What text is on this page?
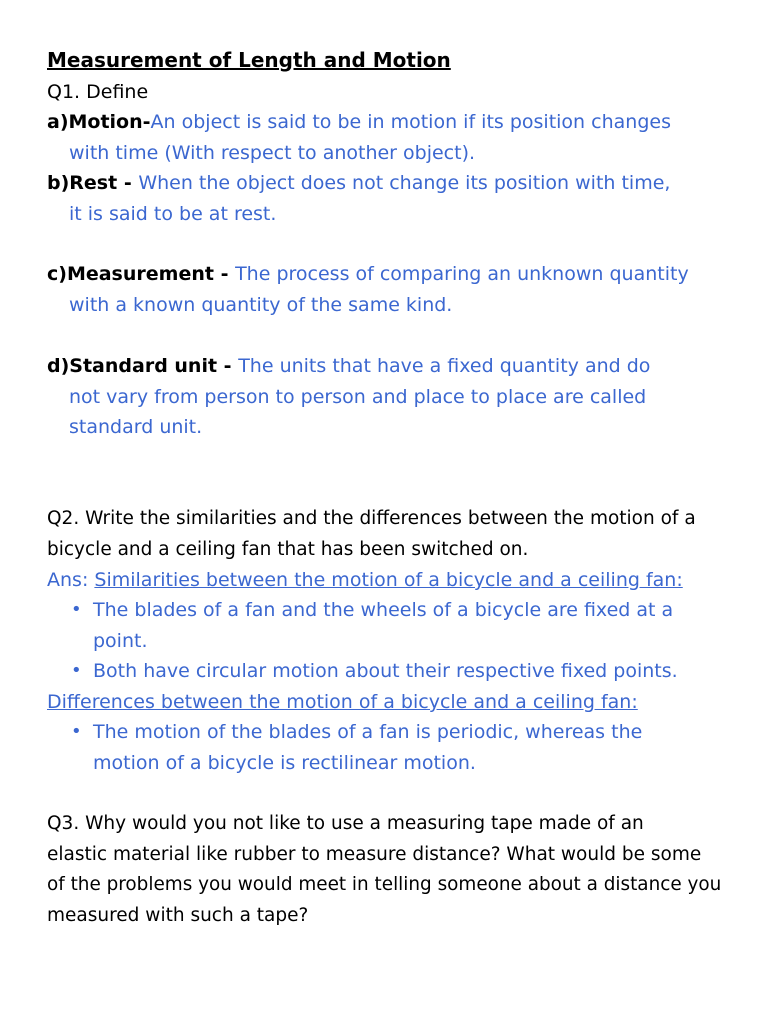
Measurement of Length and Motion
Q1. Define
a)Motion-An object is said to be in motion if its position changes
with time (With respect to another object).
b)Rest - When the object does not change its position with time,
it is said to be at rest.
c)Measurement - The process of comparing an unknown quantity
with a known quantity of the same kind.
d)Standard unit - The units that have a fixed quantity and do
not vary from person to person and place to place are called
standard unit.
Q2. Write the similarities and the differences between the motion of a
bicycle and a ceiling fan that has been switched on.
Ans: Similarities between the motion of a bicycle and a ceiling fan:
• The blades of a fan and the wheels of a bicycle are fixed at a
point.
• Both have circular motion about their respective fixed points.
Differences between the motion of a bicycle and a ceiling fan:
• The motion of the blades of a fan is periodic, whereas the
motion of a bicycle is rectilinear motion.
Q3. Why would you not like to use a measuring tape made of an
elastic material like rubber to measure distance? What would be some
of the problems you would meet in telling someone about a distance you
measured with such a tape?
